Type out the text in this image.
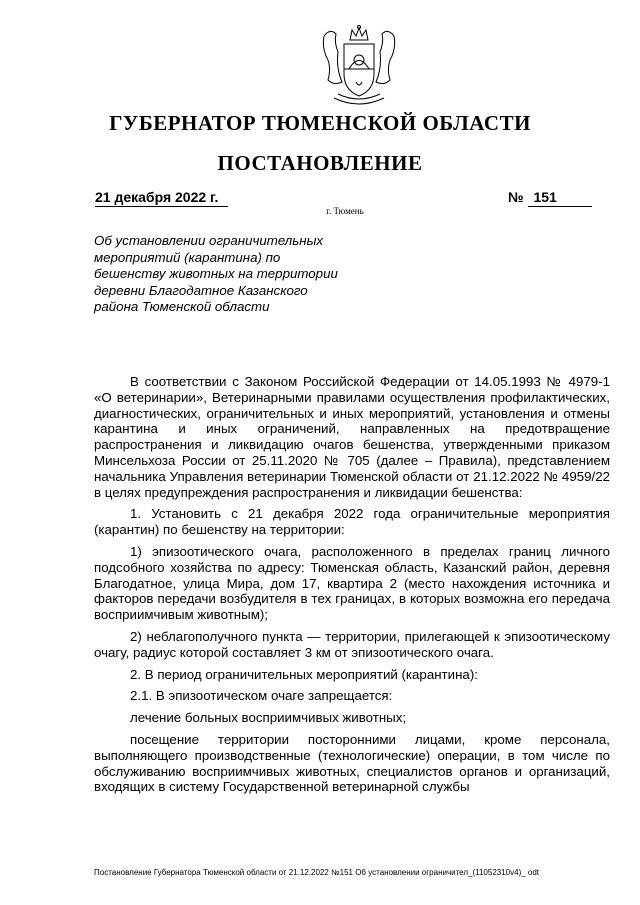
ГУБЕРНАТОР ТЮМЕНСКОЙ ОБЛАСТИ
ПОСТАНОВЛЕНИЕ
21 декабря 2022 г.	№ 151
г. Тюмень
Об установлении ограничительных мероприятий (карантина) по бешенству животных на территории деревни Благодатное Казанского района Тюменской области

В соответствии с Законом Российской Федерации от 14.05.1993 № 4979-1 «О ветеринарии», Ветеринарными правилами осуществления профилактических, диагностических, ограничительных и иных мероприятий, установления и отмены карантина и иных ограничений, направленных на предотвращение распространения и ликвидацию очагов бешенства, утвержденными приказом Минсельхоза России от 25.11.2020 № 705 (далее – Правила), представлением начальника Управления ветеринарии Тюменской области от 21.12.2022 № 4959/22 в целях предупреждения распространения и ликвидации бешенства:

1. Установить с 21 декабря 2022 года ограничительные мероприятия (карантин) по бешенству на территории:

1) эпизоотического очага, расположенного в пределах границ личного подсобного хозяйства по адресу: Тюменская область, Казанский район, деревня Благодатное, улица Мира, дом 17, квартира 2 (место нахождения источника и факторов передачи возбудителя в тех границах, в которых возможна его передача восприимчивым животным);

2) неблагополучного пункта — территории, прилегающей к эпизоотическому очагу, радиус которой составляет 3 км от эпизоотического очага.

2. В период ограничительных мероприятий (карантина):

2.1. В эпизоотическом очаге запрещается:

лечение больных восприимчивых животных;

посещение территории посторонними лицами, кроме персонала, выполняющего производственные (технологические) операции, в том числе по обслуживанию восприимчивых животных, специалистов органов и организаций, входящих в систему Государственной ветеринарной службы

Постановление Губернатора Тюменской области от 21.12.2022 №151 Об установлении ограничител_(11052310v4)_ odt
